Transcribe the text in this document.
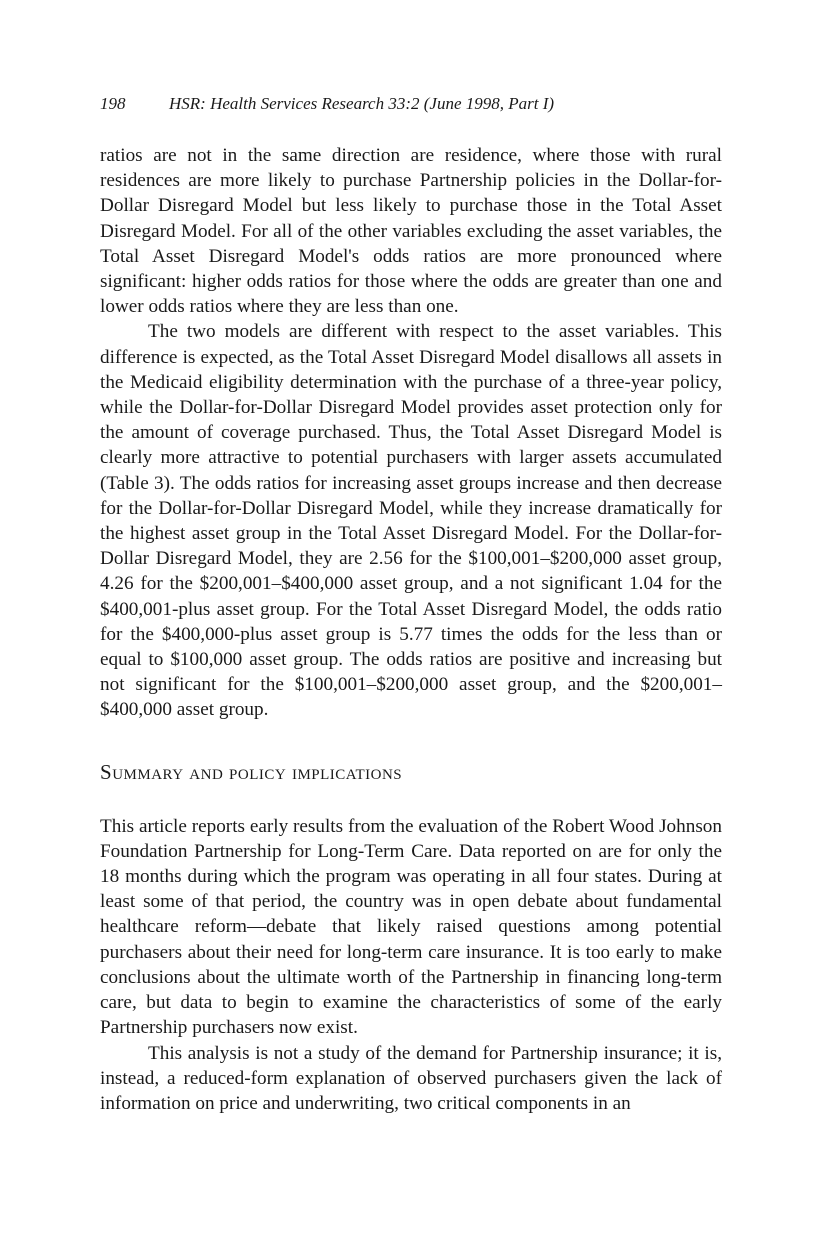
198	HSR: Health Services Research 33:2 (June 1998, Part I)

ratios are not in the same direction are residence, where those with rural residences are more likely to purchase Partnership policies in the Dollar-for-Dollar Disregard Model but less likely to purchase those in the Total Asset Disregard Model. For all of the other variables excluding the asset variables, the Total Asset Disregard Model's odds ratios are more pronounced where significant: higher odds ratios for those where the odds are greater than one and lower odds ratios where they are less than one.

The two models are different with respect to the asset variables. This difference is expected, as the Total Asset Disregard Model disallows all assets in the Medicaid eligibility determination with the purchase of a three-year policy, while the Dollar-for-Dollar Disregard Model provides asset protection only for the amount of coverage purchased. Thus, the Total Asset Disregard Model is clearly more attractive to potential purchasers with larger assets accumulated (Table 3). The odds ratios for increasing asset groups increase and then decrease for the Dollar-for-Dollar Disregard Model, while they increase dramatically for the highest asset group in the Total Asset Disregard Model. For the Dollar-for-Dollar Disregard Model, they are 2.56 for the $100,001–$200,000 asset group, 4.26 for the $200,001–$400,000 asset group, and a not significant 1.04 for the $400,001-plus asset group. For the Total Asset Disregard Model, the odds ratio for the $400,000-plus asset group is 5.77 times the odds for the less than or equal to $100,000 asset group. The odds ratios are positive and increasing but not significant for the $100,001–$200,000 asset group, and the $200,001–$400,000 asset group.

Summary and policy implications

This article reports early results from the evaluation of the Robert Wood Johnson Foundation Partnership for Long-Term Care. Data reported on are for only the 18 months during which the program was operating in all four states. During at least some of that period, the country was in open debate about fundamental healthcare reform—debate that likely raised questions among potential purchasers about their need for long-term care insurance. It is too early to make conclusions about the ultimate worth of the Partnership in financing long-term care, but data to begin to examine the characteristics of some of the early Partnership purchasers now exist.

This analysis is not a study of the demand for Partnership insurance; it is, instead, a reduced-form explanation of observed purchasers given the lack of information on price and underwriting, two critical components in an
